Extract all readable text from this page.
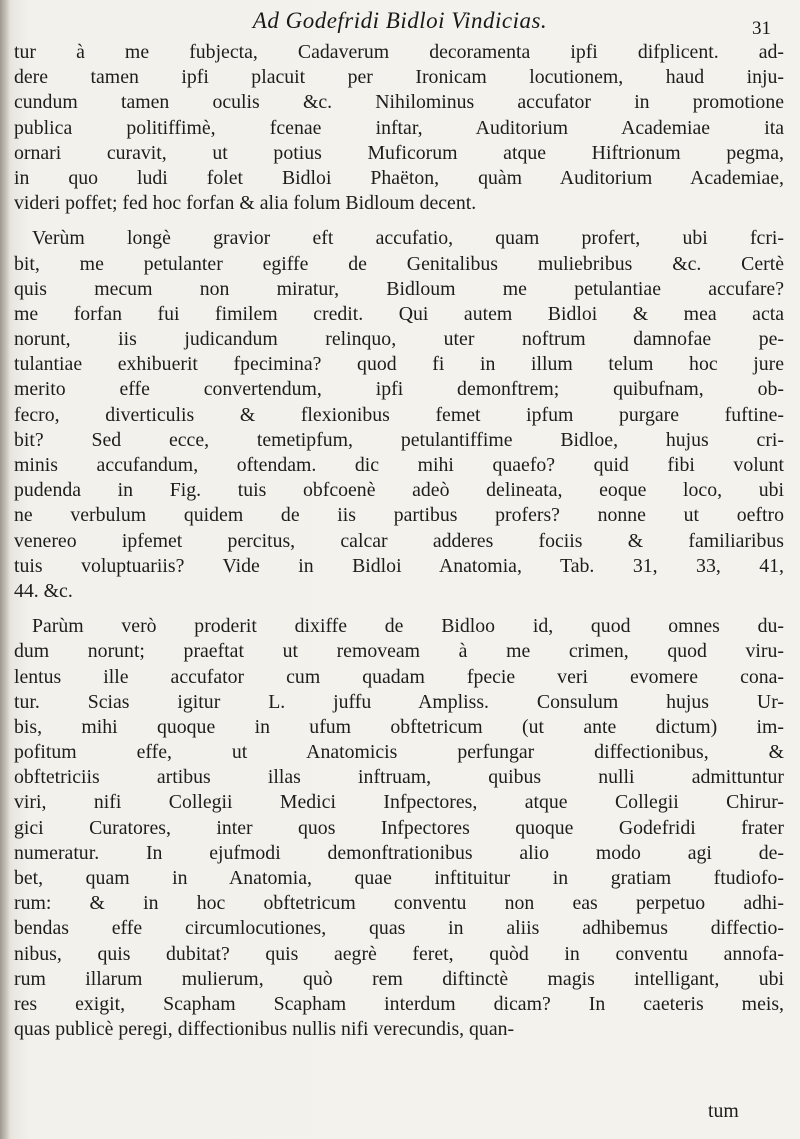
Ad Godefridi Bidloi Vindicias.	31
tur à me fubjecta, Cadaverum decoramenta ipfi difplicent. ad-
dere tamen ipfi placuit per Ironicam locutionem, haud inju-
cundum tamen oculis &c. Nihilominus accufator in promotione
publica politiffimè, fcenae inftar, Auditorium Academiae ita
ornari curavit, ut potius Muficorum atque Hiftrionum pegma,
in quo ludi folet Bidloi Phaëton, quàm Auditorium Academiae,
videri poffet; fed hoc forfan & alia folum Bidloum decent.
Verùm longè gravior eft accufatio, quam profert, ubi fcri-
bit, me petulanter egiffe de Genitalibus muliebribus &c. Certè
quis mecum non miratur, Bidloum me petulantiae accufare?
me forfan fui fimilem credit. Qui autem Bidloi & mea acta
norunt, iis judicandum relinquo, uter noftrum damnofae pe-
tulantiae exhibuerit fpecimina? quod fi in illum telum hoc jure
merito effe convertendum, ipfi demonftrem; quibufnam, ob-
fecro, diverticulis & flexionibus femet ipfum purgare fuftine-
bit? Sed ecce, temetipfum, petulantiffime Bidloe, hujus cri-
minis accufandum, oftendam. dic mihi quaefo? quid fibi volunt
pudenda in Fig. tuis obfcoenè adeò delineata, eoque loco, ubi
ne verbulum quidem de iis partibus profers? nonne ut oeftro
venereo ipfemet percitus, calcar adderes fociis & familiaribus
tuis voluptuariis? Vide in Bidloi Anatomia, Tab. 31, 33, 41,
44. &c.
Parùm verò proderit dixiffe de Bidloo id, quod omnes du-
dum norunt; praeftat ut removeam à me crimen, quod viru-
lentus ille accufator cum quadam fpecie veri evomere cona-
tur. Scias igitur L. juffu Ampliss. Consulum hujus Ur-
bis, mihi quoque in ufum obftetricum (ut ante dictum) im-
pofitum effe, ut Anatomicis perfungar diffectionibus, &
obftetriciis artibus illas inftruam, quibus nulli admittuntur
viri, nifi Collegii Medici Infpectores, atque Collegii Chirur-
gici Curatores, inter quos Infpectores quoque Godefridi frater
numeratur. In ejufmodi demonftrationibus alio modo agi de-
bet, quam in Anatomia, quae inftituitur in gratiam ftudiofo-
rum: & in hoc obftetricum conventu non eas perpetuo adhi-
bendas effe circumlocutiones, quas in aliis adhibemus diffectio-
nibus, quis dubitat? quis aegrè feret, quòd in conventu annofa-
rum illarum mulierum, quò rem diftinctè magis intelligant, ubi
res exigit, Scapham Scapham interdum dicam? In caeteris meis,
quas publicè peregi, diffectionibus nullis nifi verecundis, quan-
tum
